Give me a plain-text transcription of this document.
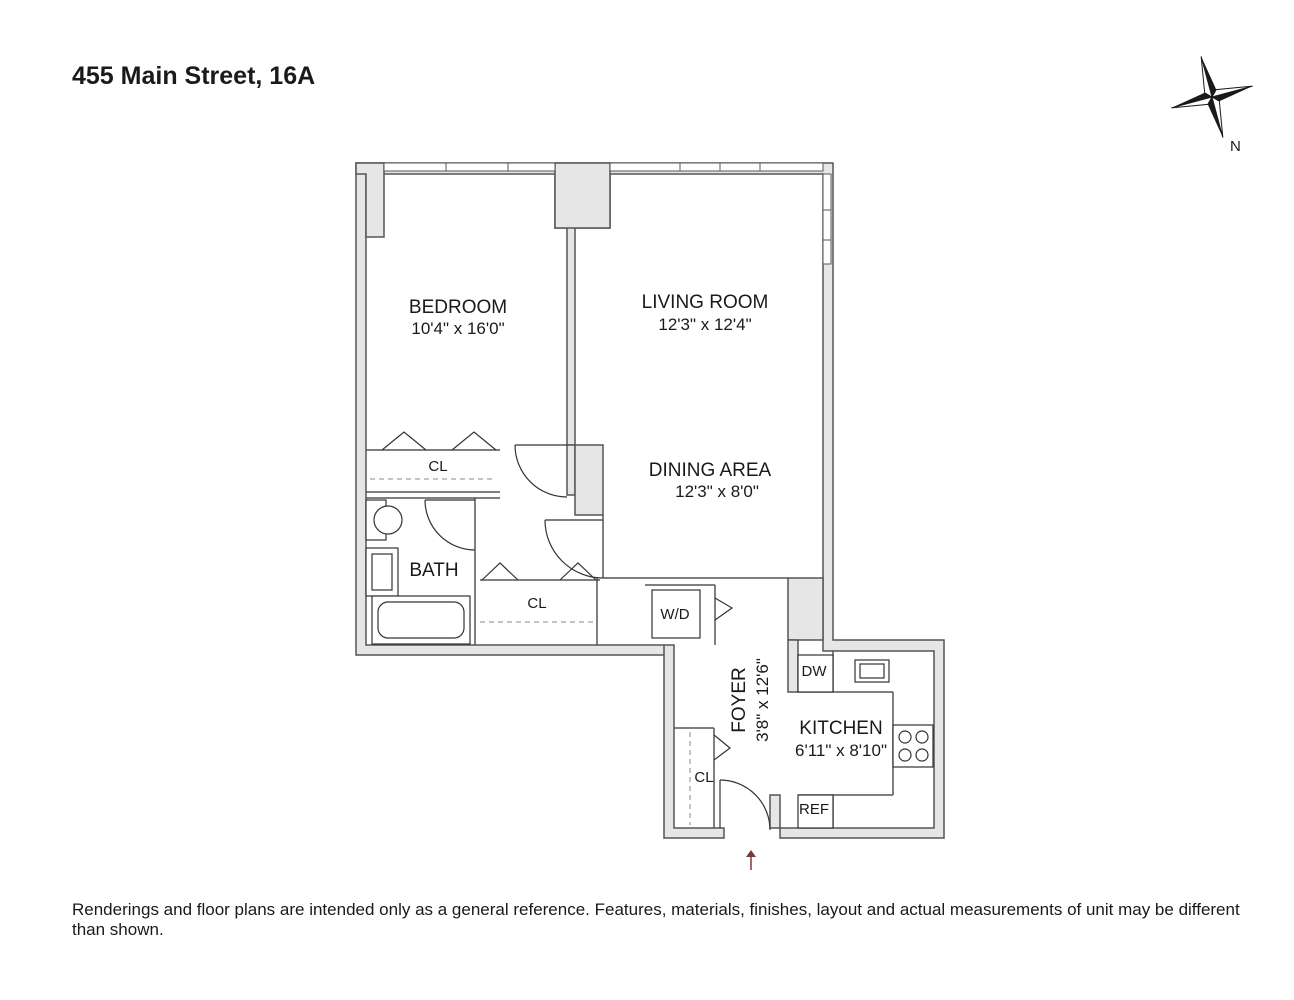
455 Main Street, 16A
N
BEDROOM
10'4" x 16'0"
LIVING ROOM
12'3" x 12'4"
DINING AREA
12'3" x 8'0"
BATH
CL
CL
CL
W/D
DW
REF
FOYER 3'8" x 12'6" KITCHEN
6'11" x 8'10"
Renderings and floor plans are intended only as a general reference. Features, materials, finishes, layout and actual measurements of unit may be different than shown.
